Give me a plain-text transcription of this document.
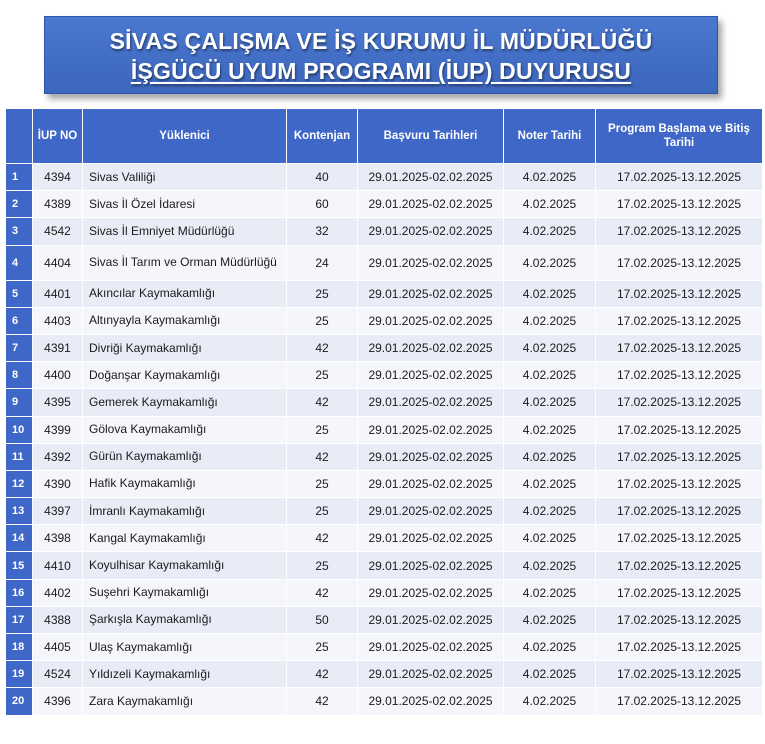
SİVAS ÇALIŞMA VE İŞ KURUMU İL MÜDÜRLÜĞÜ
İŞGÜCÜ UYUM PROGRAMI (İUP) DUYURUSU
	İUP NO	Yüklenici	Kontenjan	Başvuru Tarihleri	Noter Tarihi	Program Başlama ve Bitiş Tarihi
1	4394	Sivas Valiliği	40	29.01.2025-02.02.2025	4.02.2025	17.02.2025-13.12.2025
2	4389	Sivas İl Özel İdaresi	60	29.01.2025-02.02.2025	4.02.2025	17.02.2025-13.12.2025
3	4542	Sivas İl Emniyet Müdürlüğü	32	29.01.2025-02.02.2025	4.02.2025	17.02.2025-13.12.2025
4	4404	Sivas İl Tarım ve Orman Müdürlüğü	24	29.01.2025-02.02.2025	4.02.2025	17.02.2025-13.12.2025
5	4401	Akıncılar Kaymakamlığı	25	29.01.2025-02.02.2025	4.02.2025	17.02.2025-13.12.2025
6	4403	Altınyayla Kaymakamlığı	25	29.01.2025-02.02.2025	4.02.2025	17.02.2025-13.12.2025
7	4391	Divriği Kaymakamlığı	42	29.01.2025-02.02.2025	4.02.2025	17.02.2025-13.12.2025
8	4400	Doğanşar Kaymakamlığı	25	29.01.2025-02.02.2025	4.02.2025	17.02.2025-13.12.2025
9	4395	Gemerek Kaymakamlığı	42	29.01.2025-02.02.2025	4.02.2025	17.02.2025-13.12.2025
10	4399	Gölova Kaymakamlığı	25	29.01.2025-02.02.2025	4.02.2025	17.02.2025-13.12.2025
11	4392	Gürün Kaymakamlığı	42	29.01.2025-02.02.2025	4.02.2025	17.02.2025-13.12.2025
12	4390	Hafik Kaymakamlığı	25	29.01.2025-02.02.2025	4.02.2025	17.02.2025-13.12.2025
13	4397	İmranlı Kaymakamlığı	25	29.01.2025-02.02.2025	4.02.2025	17.02.2025-13.12.2025
14	4398	Kangal Kaymakamlığı	42	29.01.2025-02.02.2025	4.02.2025	17.02.2025-13.12.2025
15	4410	Koyulhisar Kaymakamlığı	25	29.01.2025-02.02.2025	4.02.2025	17.02.2025-13.12.2025
16	4402	Suşehri Kaymakamlığı	42	29.01.2025-02.02.2025	4.02.2025	17.02.2025-13.12.2025
17	4388	Şarkışla Kaymakamlığı	50	29.01.2025-02.02.2025	4.02.2025	17.02.2025-13.12.2025
18	4405	Ulaş Kaymakamlığı	25	29.01.2025-02.02.2025	4.02.2025	17.02.2025-13.12.2025
19	4524	Yıldızeli Kaymakamlığı	42	29.01.2025-02.02.2025	4.02.2025	17.02.2025-13.12.2025
20	4396	Zara Kaymakamlığı	42	29.01.2025-02.02.2025	4.02.2025	17.02.2025-13.12.2025
